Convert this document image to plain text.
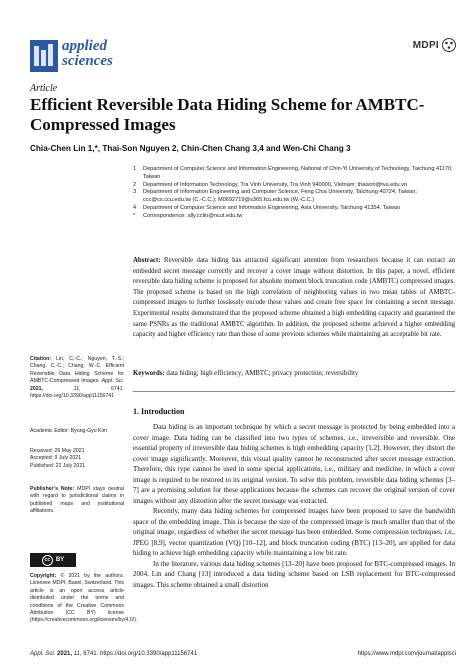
applied
sciences
MDPI
Article
Efficient Reversible Data Hiding Scheme for AMBTC-Compressed Images
Chia-Chen Lin 1,*, Thai-Son Nguyen 2, Chin-Chen Chang 3,4 and Wen-Chi Chang 3
1	Department of Computer Science and Information Engineering, National of Chin-Yi University of Technology, Taichung 41170, Taiwan
2	Department of Information Technology, Tra Vinh University, Tra Vinh 940000, Vietnam; thaison@tvu.edu.vn
3	Department of Information Engineering and Computer Science, Feng Chia University, Taichung 40724, Taiwan; ccc@cs.ccu.edu.tw (C.-C.C.); M0692719@s365.fcu.edu.tw (W.-C.C.)
4	Department of Computer Science and Information Engineering, Asia University, Taichung 41354, Taiwan
*	Correspondence: ally.cclin@ncut.edu.tw
Abstract: Reversible data hiding has attracted significant attention from researchers because it can extract an embedded secret message correctly and recover a cover image without distortion. In this paper, a novel, efficient reversible data hiding scheme is proposed for absolute moment block truncation code (AMBTC) compressed images. The proposed scheme is based on the high correlation of neighboring values in two mean tables of AMBTC-compressed images to further losslessly encode these values and create free space for containing a secret message. Experimental results demonstrated that the proposed scheme obtained a high embedding capacity and guaranteed the same PSNRs as the traditional AMBTC algorithm. In addition, the proposed scheme achieved a higher embedding capacity and higher efficiency rate than those of some previous schemes while maintaining an acceptable bit rate.
Keywords: data hiding; high efficiency; AMBTC; privacy protection; reversibility
1. Introduction

Data hiding is an important technique by which a secret message is protected by being embedded into a cover image. Data hiding can be classified into two types of schemes, i.e., irreversible and reversible. One essential property of irreversible data hiding schemes is high embedding capacity [1,2]. However, they distort the cover image significantly. Moreover, this visual quality cannot be reconstructed after secret message extraction. Therefore, this type cannot be used in some special applications, i.e., military and medicine, in which a cover image is required to be restored to its original version. To solve this problem, reversible data hiding schemes [3–7] are a promising solution for these applications because the schemes can recover the original version of cover images without any distortion after the secret message was extracted.

Recently, many data hiding schemes for compressed images have been proposed to save the bandwidth space of the embedding image. This is because the size of the compressed image is much smaller than that of the original image, regardless of whether the secret message has been embedded. Some compression techniques, i.e., JPEG [8,9], vector quantization (VQ) [10–12], and block truncation coding (BTC) [13–20], are applied for data hiding to achieve high embedding capacity while maintaining a low bit rate.

In the literature, various data hiding schemes [13–20] have been proposed for BTC-compressed images. In 2004, Lin and Chang [13] introduced a data hiding scheme based on LSB replacement for BTC-compressed images. This scheme obtained a small distortion

Citation: Lin, C.-C.; Nguyen, T.-S.; Chang, C.-C.; Chang, W.-C. Efficient Reversible Data Hiding Scheme for AMBTC-Compressed Images. Appl. Sci. 2021,	11,	6741. https://doi.org/10.3390/app11156741
Academic Editor: Byung-Gyu Kim
Received: 26 May 2021
Accepted: 9 July 2021
Published: 22 July 2021
Publisher’s Note: MDPI stays neutral with regard to jurisdictional claims in published maps and institutional affiliations.
cc BY
Copyright: © 2021 by the authors. Licensee MDPI, Basel, Switzerland. This article is an open access article distributed under the terms and conditions of the Creative Commons Attribution (CC BY) license (https://creativecommons.org/licenses/by/4.0/).
Appl. Sci. 2021, 11, 6741. https://doi.org/10.3390/app11156741	https://www.mdpi.com/journal/applsci
